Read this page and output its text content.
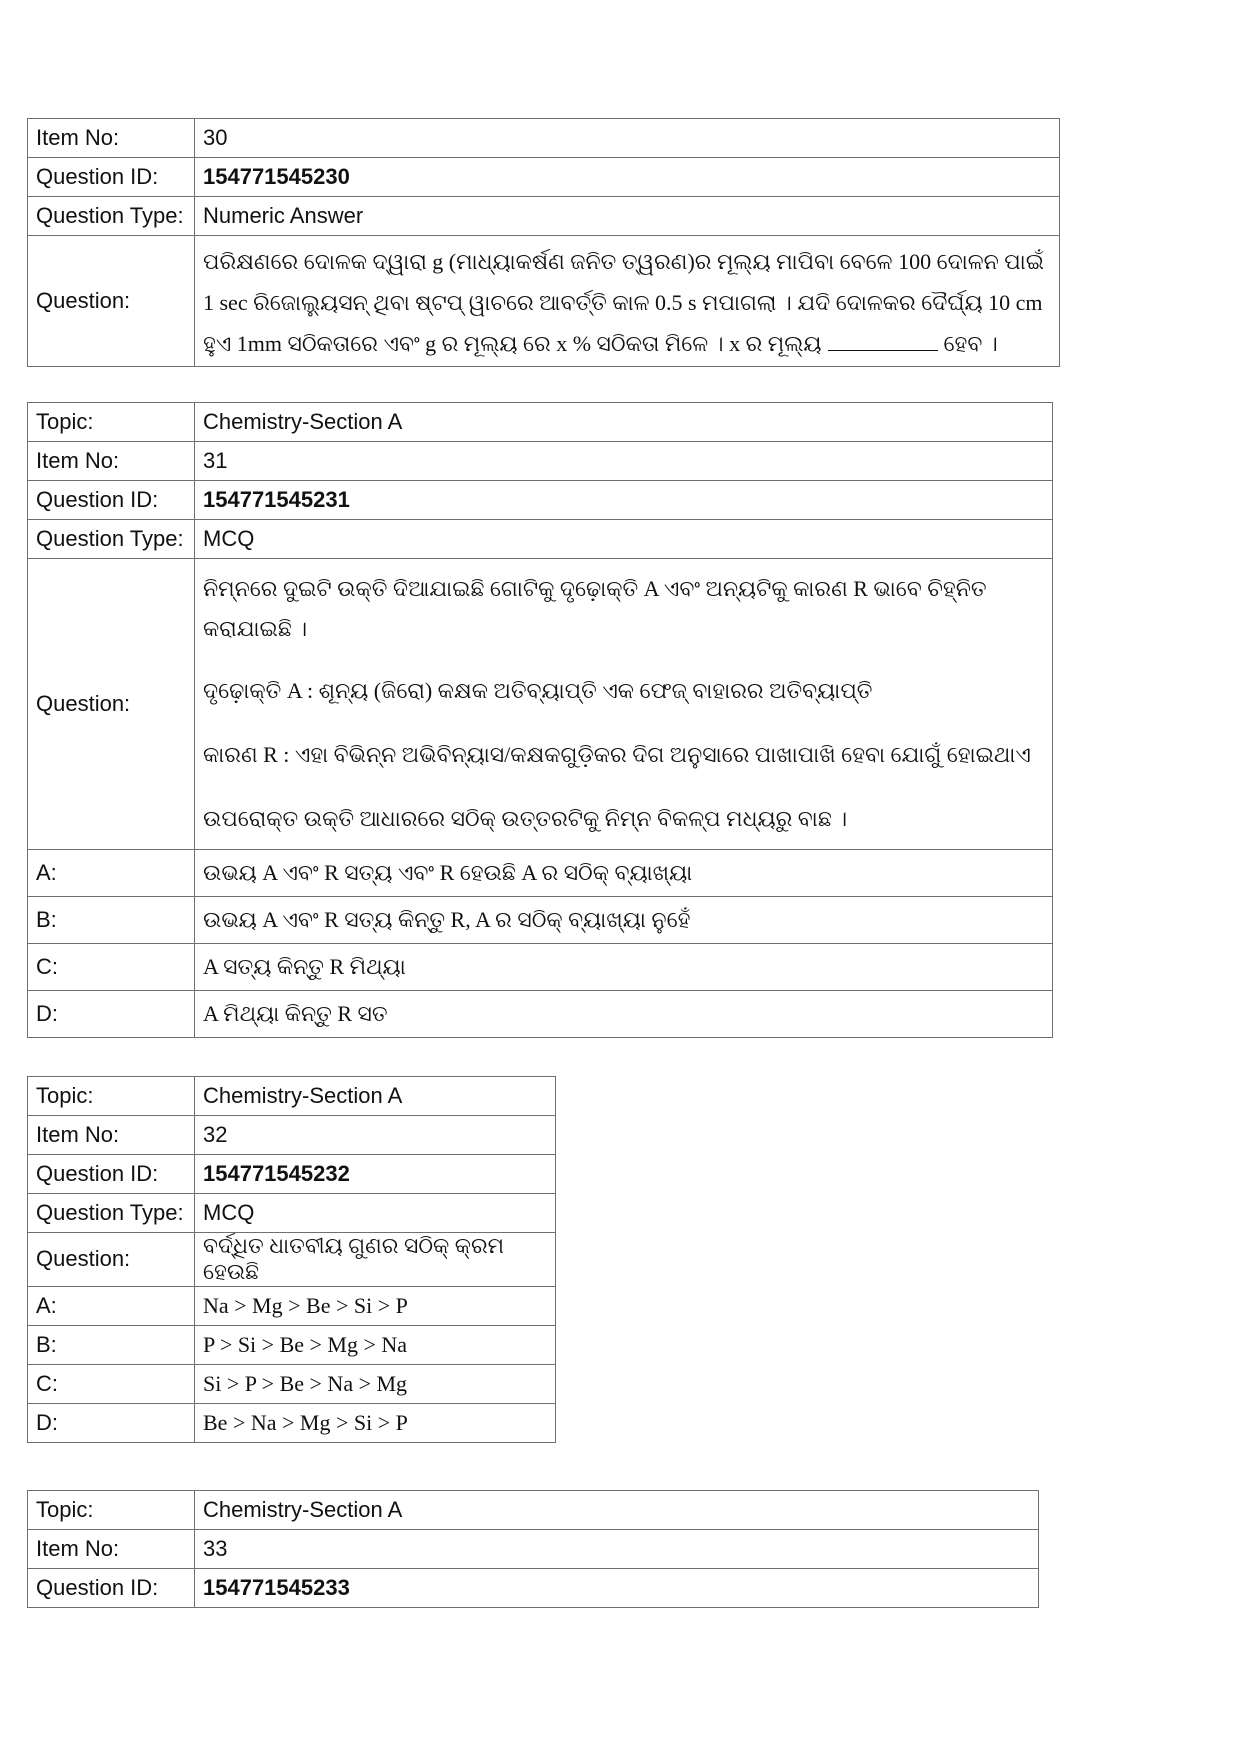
Item No:	30
Question ID:	154771545230
Question Type:	Numeric Answer
Question:	ପରିକ୍ଷଣରେ ଦୋଳକ ଦ୍ୱାରା g (ମାଧ୍ୟାକର୍ଷଣ ଜନିତ ତ୍ୱରଣ)ର ମୂଲ୍ୟ ମାପିବା ବେଳେ 100 ଦୋଳନ ପାଇଁ 1 sec ରିଜୋଲ୍ୟୁସନ୍ ଥିବା ଷ୍ଟପ୍ ୱାଚରେ ଆବର୍ତ୍ତି କାଳ 0.5 s ମପାଗଲା । ଯଦି ଦୋଳକର ଦୈର୍ଘ୍ୟ 10 cm ହୁଏ 1mm ସଠିକତାରେ ଏବଂ g ର ମୂଲ୍ୟ ରେ x % ସଠିକତା ମିଳେ । x ର ମୂଲ୍ୟ ହେବ ।
Topic:	Chemistry-Section A
Item No:	31
Question ID:	154771545231
Question Type:	MCQ
Question:	ନିମ୍ନରେ ଦୁଇଟି ଉକ୍ତି ଦିଆଯାଇଛି ଗୋଟିକୁ ଦୃଢ଼ୋକ୍ତି A ଏବଂ ଅନ୍ୟଟିକୁ କାରଣ R ଭାବେ ଚିହ୍ନିତ କରାଯାଇଛି ।

ଦୃଢ଼ୋକ୍ତି A : ଶୂନ୍ୟ (ଜିରୋ) କକ୍ଷକ ଅତିବ୍ୟାପ୍ତି ଏକ ଫେଜ୍ ବାହାରର ଅତିବ୍ୟାପ୍ତି

କାରଣ R : ଏହା ବିଭିନ୍ନ ଅଭିବିନ୍ୟାସ/କକ୍ଷକଗୁଡ଼ିକର ଦିଗ ଅନୁସାରେ ପାଖାପାଖି ହେବା ଯୋଗୁଁ ହୋଇଥାଏ

ଉପରୋକ୍ତ ଉକ୍ତି ଆଧାରରେ ସଠିକ୍ ଉତ୍ତରଟିକୁ ନିମ୍ନ ବିକଳ୍ପ ମଧ୍ୟରୁ ବାଛ ।

A:	ଉଭୟ A ଏବଂ R ସତ୍ୟ ଏବଂ R ହେଉଛି A ର ସଠିକ୍ ବ୍ୟାଖ୍ୟା
B:	ଉଭୟ A ଏବଂ R ସତ୍ୟ କିନ୍ତୁ R, A ର ସଠିକ୍ ବ୍ୟାଖ୍ୟା ନୁହେଁ
C:	A ସତ୍ୟ କିନ୍ତୁ R ମିଥ୍ୟା
D:	A ମିଥ୍ୟା କିନ୍ତୁ R ସତ
Topic:	Chemistry-Section A
Item No:	32
Question ID:	154771545232
Question Type:	MCQ
Question:	ବର୍ଦ୍ଧିତ ଧାତବୀୟ ଗୁଣର ସଠିକ୍ କ୍ରମ ହେଉଛି
A:	Na > Mg > Be > Si > P
B:	P > Si > Be > Mg > Na
C:	Si > P > Be > Na > Mg
D:	Be > Na > Mg > Si > P
Topic:	Chemistry-Section A
Item No:	33
Question ID:	154771545233
